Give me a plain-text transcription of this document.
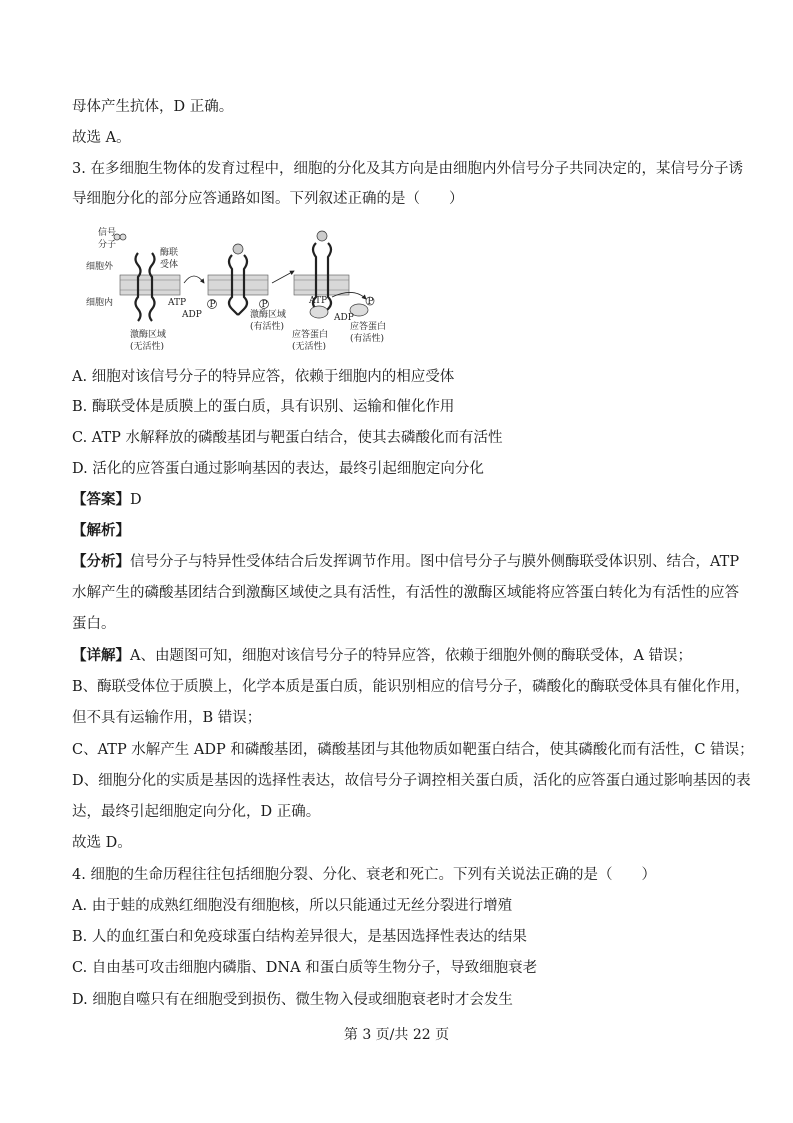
母体产生抗体，D 正确。
故选 A。
3. 在多细胞生物体的发育过程中，细胞的分化及其方向是由细胞内外信号分子共同决定的，某信号分子诱
导细胞分化的部分应答通路如图。下列叙述正确的是（　　）
信号
分子
细胞外
细胞内
酶联
受体
ATP
ADP
激酶区域
(无活性)
激酶区域
(有活性)
ATP
ADP
应答蛋白
(无活性)
应答蛋白
(有活性)
P	P	P
A. 细胞对该信号分子的特异应答，依赖于细胞内的相应受体
B. 酶联受体是质膜上的蛋白质，具有识别、运输和催化作用
C. ATP 水解释放的磷酸基团与靶蛋白结合，使其去磷酸化而有活性
D. 活化的应答蛋白通过影响基因的表达，最终引起细胞定向分化
【答案】D
【解析】
【分析】信号分子与特异性受体结合后发挥调节作用。图中信号分子与膜外侧酶联受体识别、结合，ATP
水解产生的磷酸基团结合到激酶区域使之具有活性，有活性的激酶区域能将应答蛋白转化为有活性的应答
蛋白。
【详解】A、由题图可知，细胞对该信号分子的特异应答，依赖于细胞外侧的酶联受体，A 错误；
B、酶联受体位于质膜上，化学本质是蛋白质，能识别相应的信号分子，磷酸化的酶联受体具有催化作用，
但不具有运输作用，B 错误；
C、ATP 水解产生 ADP 和磷酸基团，磷酸基团与其他物质如靶蛋白结合，使其磷酸化而有活性，C 错误；
D、细胞分化的实质是基因的选择性表达，故信号分子调控相关蛋白质，活化的应答蛋白通过影响基因的表
达，最终引起细胞定向分化，D 正确。
故选 D。
4. 细胞的生命历程往往包括细胞分裂、分化、衰老和死亡。下列有关说法正确的是（　　）
A. 由于蛙的成熟红细胞没有细胞核，所以只能通过无丝分裂进行增殖
B. 人的血红蛋白和免疫球蛋白结构差异很大，是基因选择性表达的结果
C. 自由基可攻击细胞内磷脂、DNA 和蛋白质等生物分子，导致细胞衰老
D. 细胞自噬只有在细胞受到损伤、微生物入侵或细胞衰老时才会发生
第 3 页/共 22 页
